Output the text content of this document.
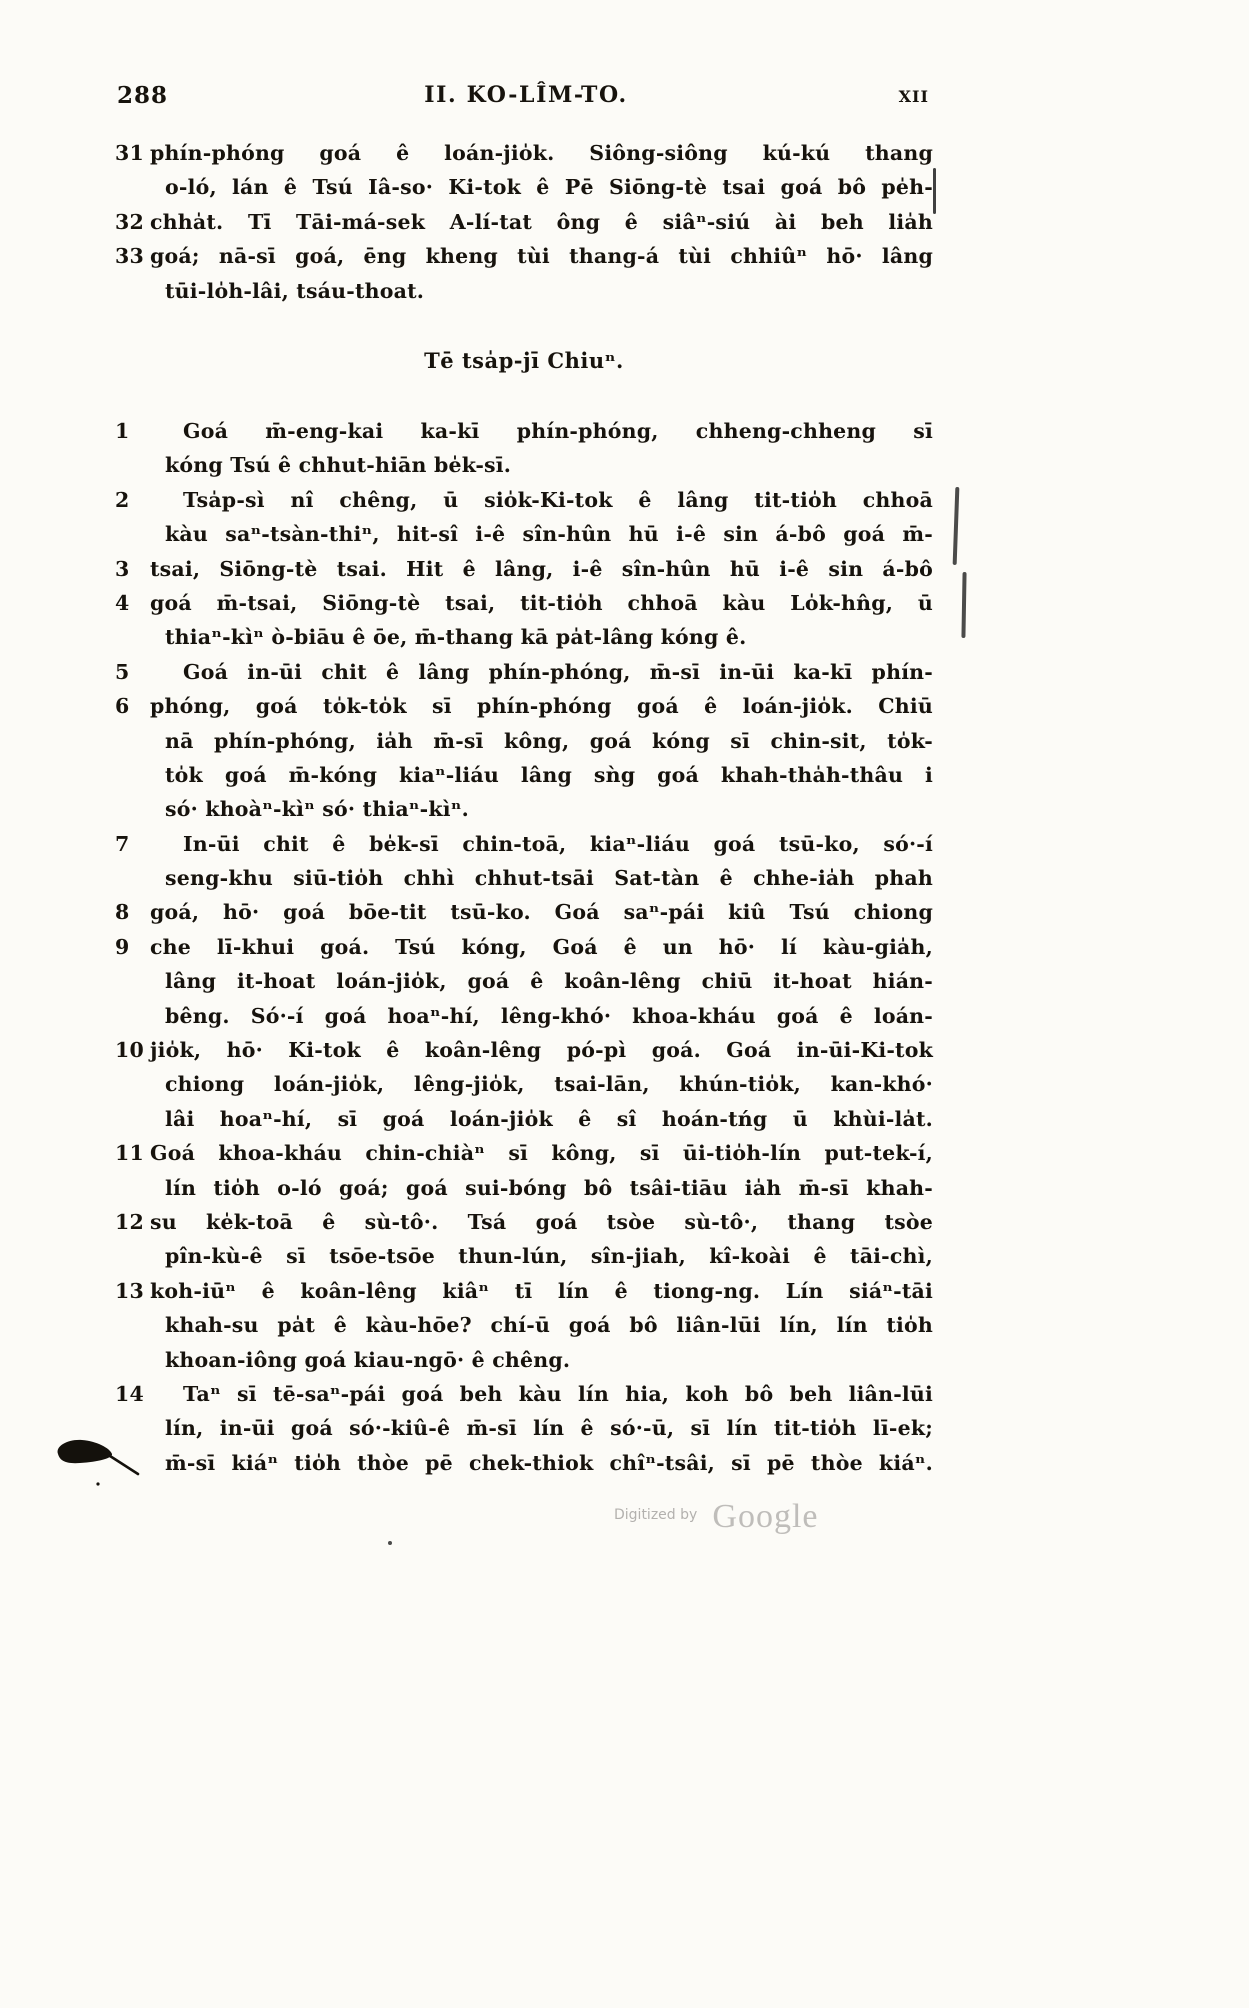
288	II. KO-LÎM-TO.	XII
31 phín-phóng goá ê loán-jio̍k. Siông-siông kú-kú thang
o-ló, lán ê Tsú Iâ-so· Ki-tok ê Pē Siōng-tè tsai goá bô pe̍h-
32 chha̍t. Tī Tāi-má-sek A-lí-tat ông ê siâⁿ-siú ài beh lia̍h
33 goá; nā-sī goá, ēng kheng tùi thang-á tùi chhiûⁿ hō· lâng
tūi-lo̍h-lâi, tsáu-thoat.
Tē tsa̍p-jī Chiuⁿ.
1	Goá m̄-eng-kai ka-kī phín-phóng, chheng-chheng sī
kóng Tsú ê chhut-hiān be̍k-sī.
2	Tsa̍p-sì nî chêng, ū sio̍k-Ki-tok ê lâng tit-tio̍h chhoā
kàu saⁿ-tsàn-thiⁿ, hit-sî i-ê sîn-hûn hū i-ê sin á-bô goá m̄-
3 tsai, Siōng-tè tsai. Hit ê lâng, i-ê sîn-hûn hū i-ê sin á-bô
4 goá m̄-tsai, Siōng-tè tsai, tit-tio̍h chhoā kàu Lo̍k-hn̂g, ū
thiaⁿ-kìⁿ ò-biāu ê ōe, m̄-thang kā pa̍t-lâng kóng ê.
5	Goá in-ūi chit ê lâng phín-phóng, m̄-sī in-ūi ka-kī phín-
6 phóng, goá to̍k-to̍k sī phín-phóng goá ê loán-jio̍k. Chiū
nā phín-phóng, ia̍h m̄-sī kông, goá kóng sī chin-sit, to̍k-
to̍k goá m̄-kóng kiaⁿ-liáu lâng sǹg goá khah-tha̍h-thâu i
só· khoàⁿ-kìⁿ só· thiaⁿ-kìⁿ.
7	In-ūi chit ê be̍k-sī chin-toā, kiaⁿ-liáu goá tsū-ko, só·-í
seng-khu siū-tio̍h chhì chhut-tsāi Sat-tàn ê chhe-ia̍h phah
8 goá, hō· goá bōe-tit tsū-ko. Goá saⁿ-pái kiû Tsú chiong
9 che lī-khui goá. Tsú kóng, Goá ê un hō· lí kàu-gia̍h,
lâng it-hoat loán-jio̍k, goá ê koân-lêng chiū it-hoat hián-
bêng. Só·-í goá hoaⁿ-hí, lêng-khó· khoa-kháu goá ê loán-
10 jio̍k, hō· Ki-tok ê koân-lêng pó-pì goá. Goá in-ūi-Ki-tok
chiong loán-jio̍k, lêng-jio̍k, tsai-lān, khún-tio̍k, kan-khó·
lâi hoaⁿ-hí, sī goá loán-jio̍k ê sî hoán-tńg ū khùi-la̍t.
11 Goá khoa-kháu chin-chiàⁿ sī kông, sī ūi-tio̍h-lín put-tek-í,
lín tio̍h o-ló goá; goá sui-bóng bô tsâi-tiāu ia̍h m̄-sī khah-
12 su ke̍k-toā ê sù-tô·. Tsá goá tsòe sù-tô·, thang tsòe
pîn-kù-ê sī tsōe-tsōe thun-lún, sîn-jiah, kî-koài ê tāi-chì,
13 koh-iūⁿ ê koân-lêng kiâⁿ tī lín ê tiong-ng. Lín siáⁿ-tāi
khah-su pa̍t ê kàu-hōe? chí-ū goá bô liân-lūi lín, lín tio̍h
khoan-iông goá kiau-ngō· ê chêng.
14 Taⁿ sī tē-saⁿ-pái goá beh kàu lín hia, koh bô beh liân-lūi
lín, in-ūi goá só·-kiû-ê m̄-sī lín ê só·-ū, sī lín tit-tio̍h lī-ek;
m̄-sī kiáⁿ tio̍h thòe pē chek-thiok chîⁿ-tsâi, sī pē thòe kiáⁿ.
Digitized by Google
